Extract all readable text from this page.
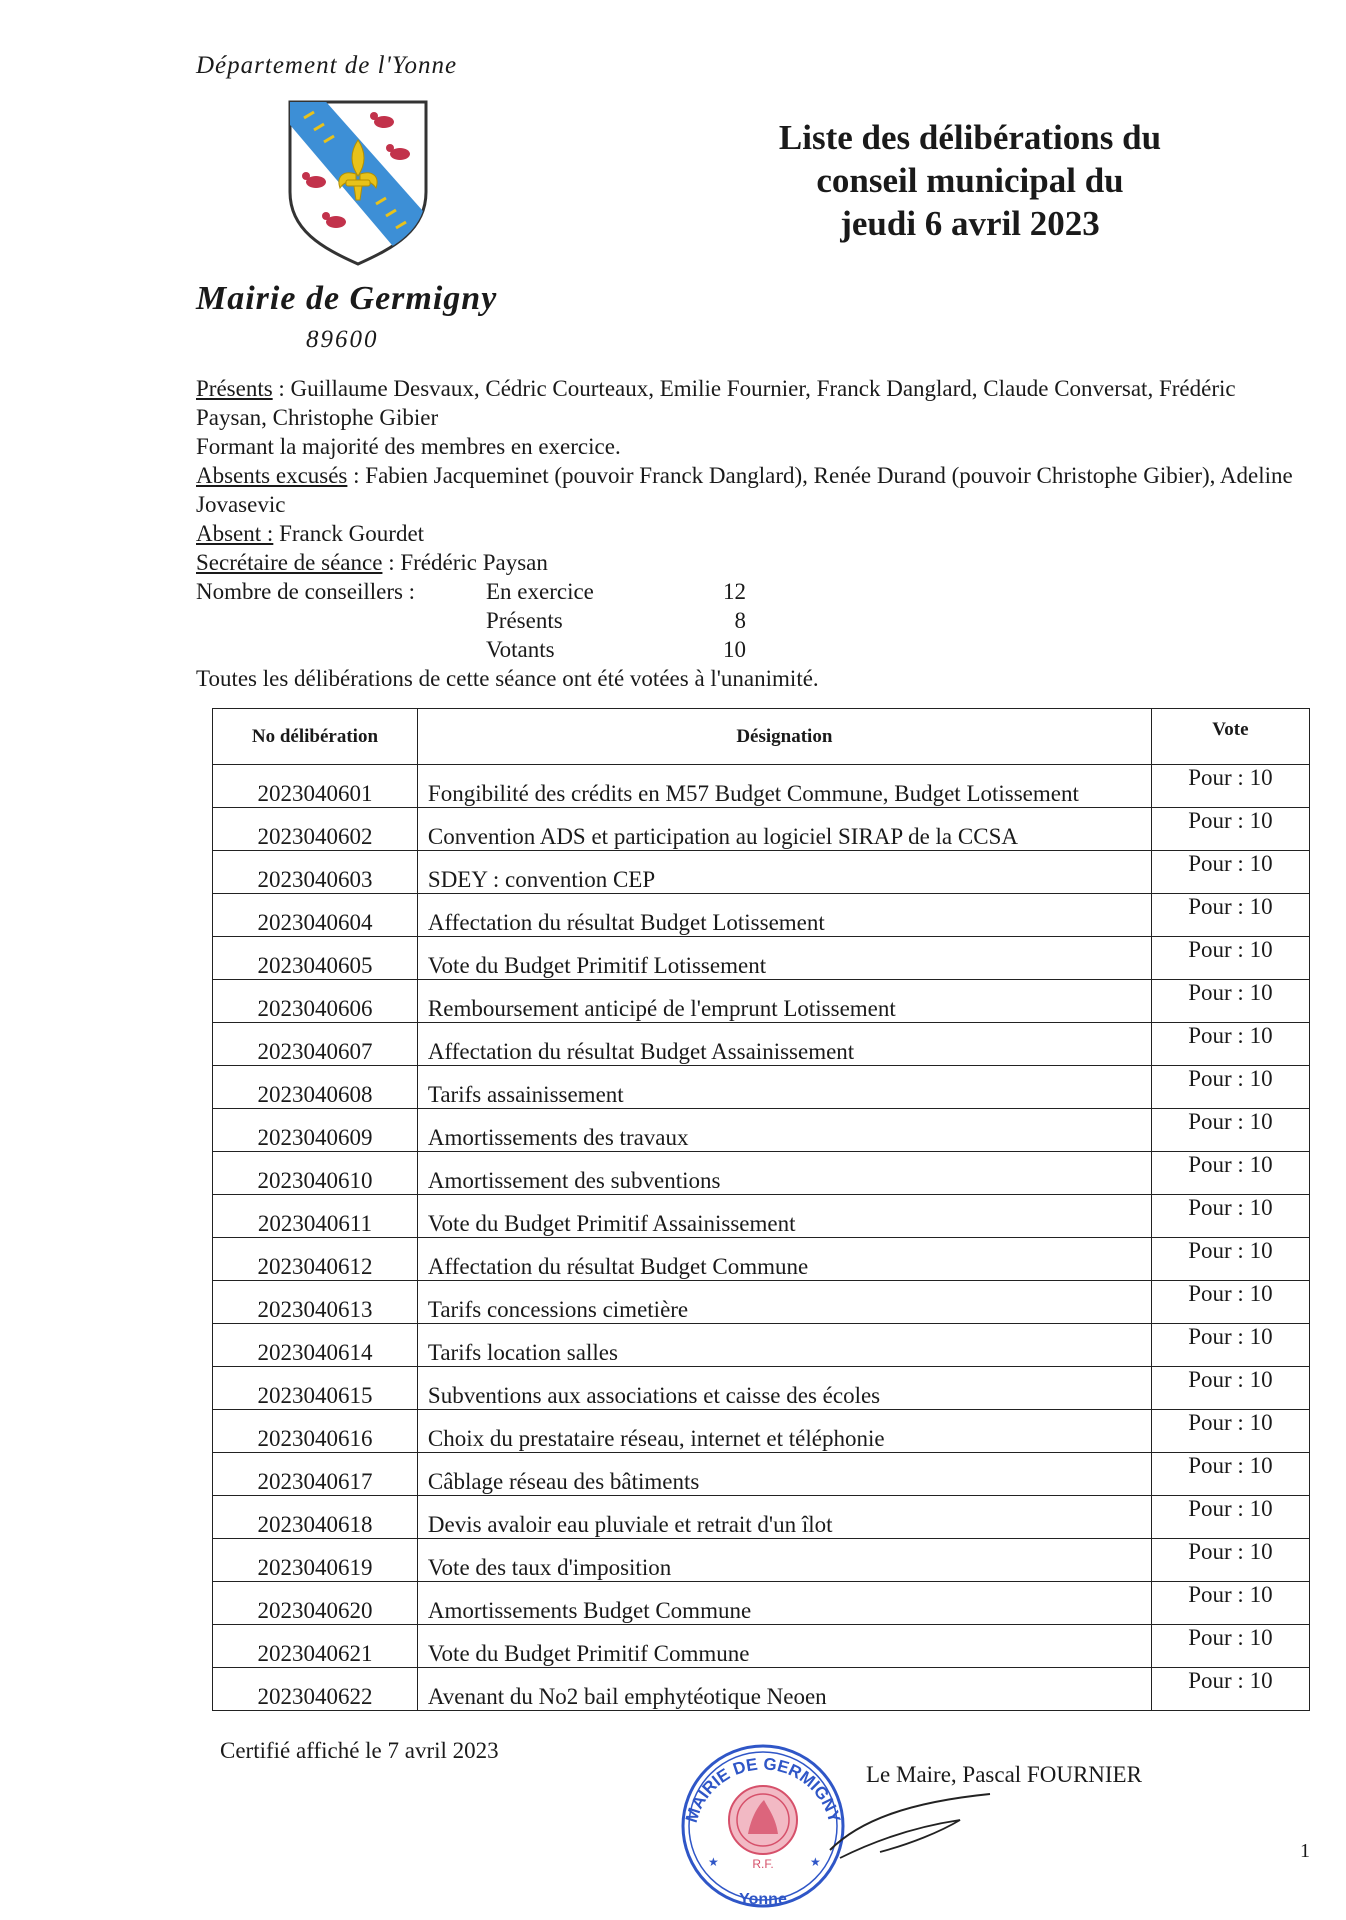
Département de l'Yonne
Liste des délibérations du
conseil municipal du
jeudi 6 avril 2023
Mairie de Germigny
89600

Présents : Guillaume Desvaux, Cédric Courteaux, Emilie Fournier, Franck Danglard, Claude Conversat, Frédéric Paysan, Christophe Gibier

Formant la majorité des membres en exercice.

Absents excusés : Fabien Jacqueminet (pouvoir Franck Danglard), Renée Durand (pouvoir Christophe Gibier), Adeline Jovasevic

Absent : Franck Gourdet

Secrétaire de séance : Frédéric Paysan

Nombre de conseillers :	En exercice	12
Présents	8
Votants	10

Toutes les délibérations de cette séance ont été votées à l'unanimité.

No délibération	Désignation	Vote
2023040601	Fongibilité des crédits en M57 Budget Commune, Budget Lotissement	Pour : 10
2023040602	Convention ADS et participation au logiciel SIRAP de la CCSA	Pour : 10
2023040603	SDEY : convention CEP	Pour : 10
2023040604	Affectation du résultat Budget Lotissement	Pour : 10
2023040605	Vote du Budget Primitif Lotissement	Pour : 10
2023040606	Remboursement anticipé de l'emprunt Lotissement	Pour : 10
2023040607	Affectation du résultat Budget Assainissement	Pour : 10
2023040608	Tarifs assainissement	Pour : 10
2023040609	Amortissements des travaux	Pour : 10
2023040610	Amortissement des subventions	Pour : 10
2023040611	Vote du Budget Primitif Assainissement	Pour : 10
2023040612	Affectation du résultat Budget Commune	Pour : 10
2023040613	Tarifs concessions cimetière	Pour : 10
2023040614	Tarifs location salles	Pour : 10
2023040615	Subventions aux associations et caisse des écoles	Pour : 10
2023040616	Choix du prestataire réseau, internet et téléphonie	Pour : 10
2023040617	Câblage réseau des bâtiments	Pour : 10
2023040618	Devis avaloir eau pluviale et retrait d'un îlot	Pour : 10
2023040619	Vote des taux d'imposition	Pour : 10
2023040620	Amortissements Budget Commune	Pour : 10
2023040621	Vote du Budget Primitif Commune	Pour : 10
2023040622	Avenant du No2 bail emphytéotique Neoen	Pour : 10
Certifié affiché le 7 avril 2023
MAIRIE DE GERMIGNY
R.F.
★	★
Yonne
Le Maire, Pascal FOURNIER
1
